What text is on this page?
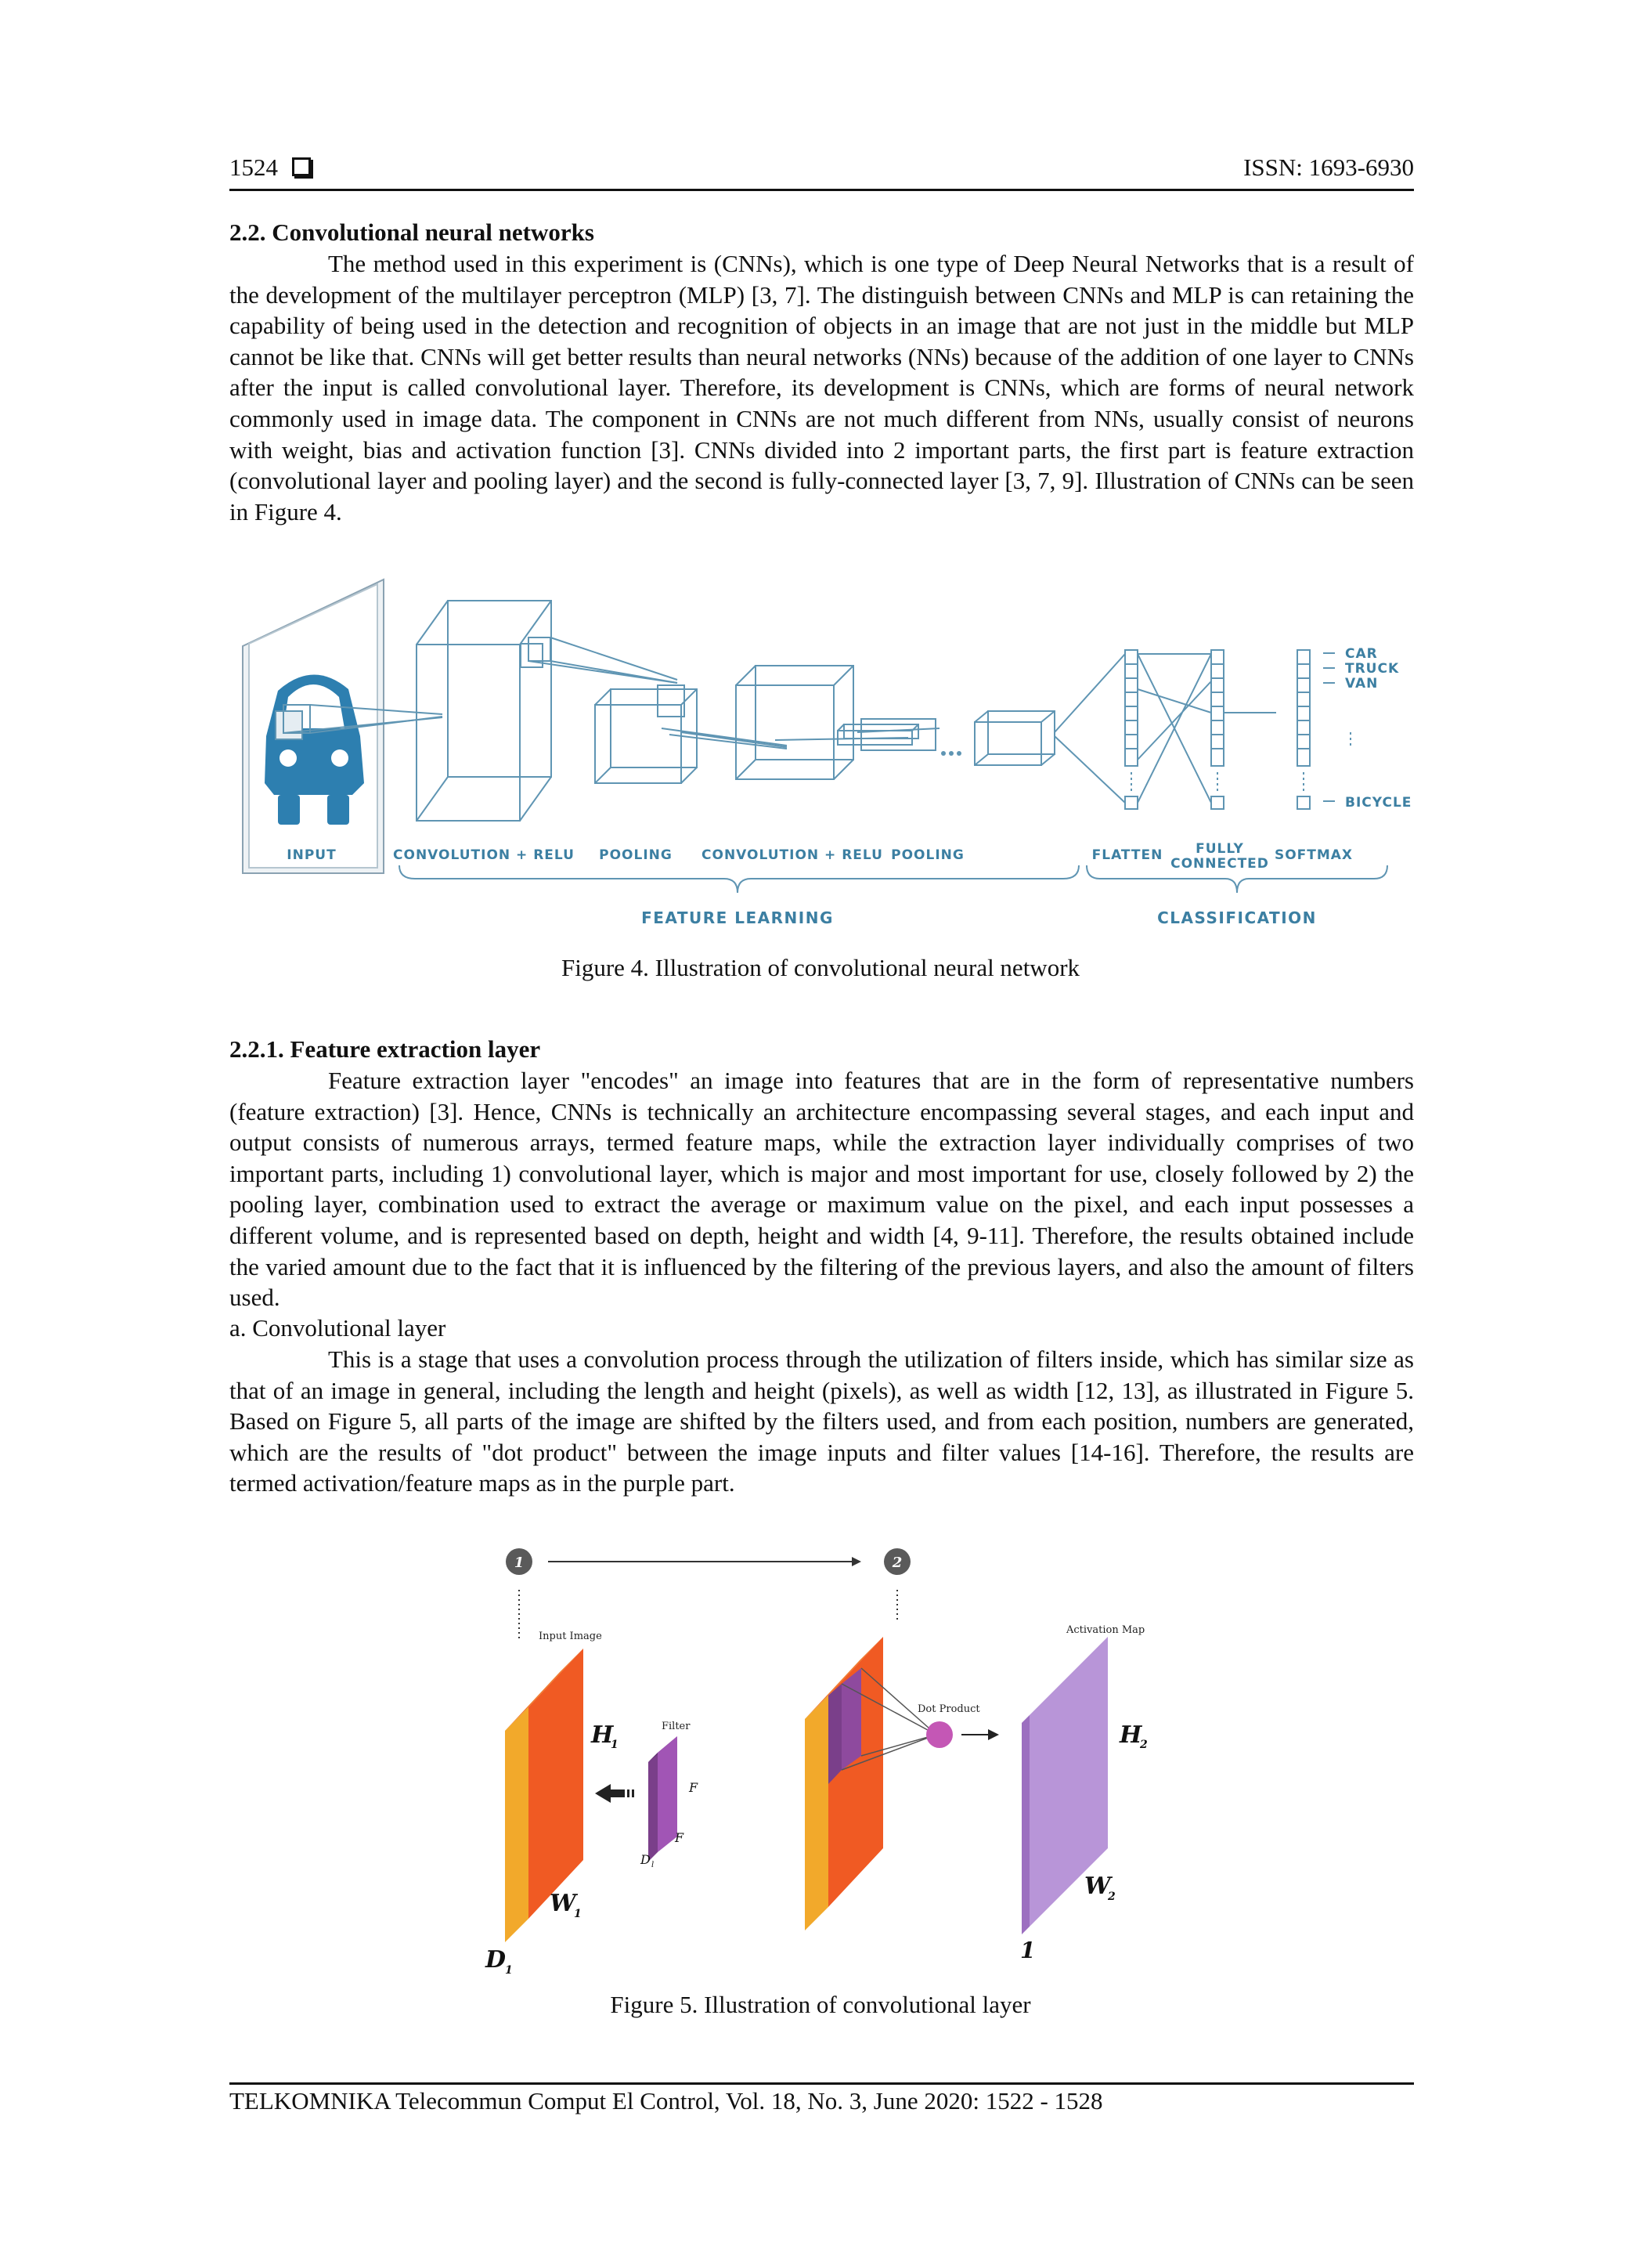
1524	ISSN: 1693-6930
2.2. Convolutional neural networks

The method used in this experiment is (CNNs), which is one type of Deep Neural Networks that is a result of the development of the multilayer perceptron (MLP) [3, 7]. The distinguish between CNNs and MLP is can retaining the capability of being used in the detection and recognition of objects in an image that are not just in the middle but MLP cannot be like that. CNNs will get better results than neural networks (NNs) because of the addition of one layer to CNNs after the input is called convolutional layer. Therefore, its development is CNNs, which are forms of neural network commonly used in image data. The component in CNNs are not much different from NNs, usually consist of neurons with weight, bias and activation function [3]. CNNs divided into 2 important parts, the first part is feature extraction (convolutional layer and pooling layer) and the second is fully-connected layer [3, 7, 9]. Illustration of CNNs can be seen in Figure 4.

CAR
TRUCK
VAN
BICYCLE
INPUT	CONVOLUTION + RELU POOLING CONVOLUTION + RELU POOLING	FLATTEN FULLY
CONNECTED
SOFTMAX
FEATURE LEARNING	CLASSIFICATION
Figure 4. Illustration of convolutional neural network
2.2.1. Feature extraction layer

Feature extraction layer "encodes" an image into features that are in the form of representative numbers (feature extraction) [3]. Hence, CNNs is technically an architecture encompassing several stages, and each input and output consists of numerous arrays, termed feature maps, while the extraction layer individually comprises of two important parts, including 1) convolutional layer, which is major and most important for use, closely followed by 2) the pooling layer, combination used to extract the average or maximum value on the pixel, and each input possesses a different volume, and is represented based on depth, height and width [4, 9-11]. Therefore, the results obtained include the varied amount due to the fact that it is influenced by the filtering of the previous layers, and also the amount of filters used.

a. Convolutional layer

This is a stage that uses a convolution process through the utilization of filters inside, which has similar size as that of an image in general, including the length and height (pixels), as well as width [12, 13], as illustrated in Figure 5. Based on Figure 5, all parts of the image are shifted by the filters used, and from each position, numbers are generated, which are the results of "dot product" between the image inputs and filter values [14-16]. Therefore, the results are termed activation/feature maps as in the purple part.

1	2
Input Image
Filter
H
1
W
1
D
1
F
F
D l
Dot Product
Activation Map
H
2
W
2
1
Figure 5. Illustration of convolutional layer
TELKOMNIKA Telecommun Comput El Control, Vol. 18, No. 3, June 2020: 1522 - 1528
